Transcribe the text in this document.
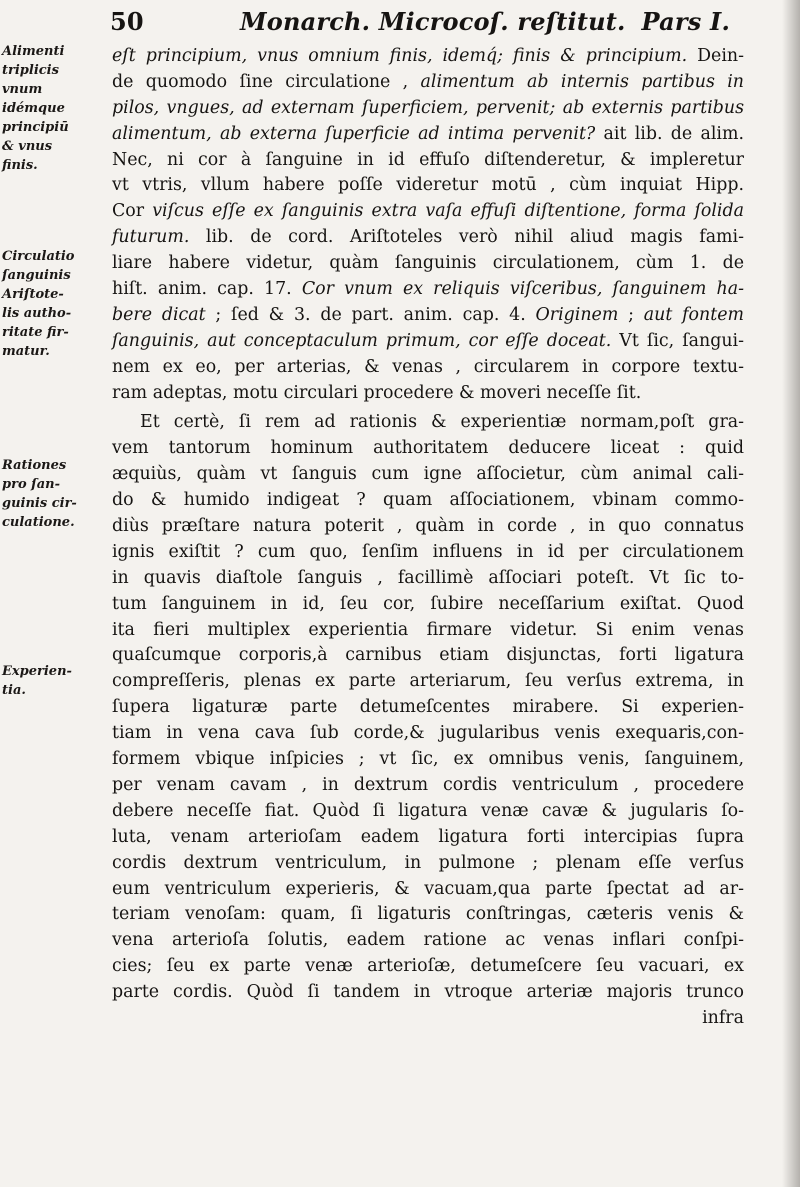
50	Monarch. Microcoſ. reſtitut. Pars I.
Alimenti
triplicis
vnum
idémque
principiū
& vnus
finis.
Circulatio
ſanguinis
Ariſtote-
lis autho-
ritate fir-
matur.
Rationes
pro ſan-
guinis cir-
culatione.
Experien-
tia.
eſt principium, vnus omnium finis, idemq́; finis & principium. Dein-
de quomodo ſine circulatione , alimentum ab internis partibus in
pilos, vngues, ad externam ſuperficiem, pervenit; ab externis partibus
alimentum, ab externa ſuperficie ad intima pervenit? ait lib. de alim.
Nec, ni cor à ſanguine in id effuſo diſtenderetur, & impleretur
vt vtris, vllum habere poſſe videretur motū , cùm inquiat Hipp.
Cor viſcus eſſe ex ſanguinis extra vaſa effuſi diſtentione, forma ſolida
futurum. lib. de cord. Ariſtoteles verò nihil aliud magis fami-
liare habere videtur, quàm ſanguinis circulationem, cùm 1. de
hiſt. anim. cap. 17. Cor vnum ex reliquis viſceribus, ſanguinem ha-
bere dicat ; ſed & 3. de part. anim. cap. 4. Originem ; aut fontem
ſanguinis, aut conceptaculum primum, cor eſſe doceat. Vt ſic, ſangui-
nem ex eo, per arterias, & venas , circularem in corpore textu-
ram adeptas, motu circulari procedere & moveri neceſſe ſit.
Et certè, ſi rem ad rationis & experientiæ normam,poſt gra-
vem tantorum hominum authoritatem deducere liceat : quid
æquiùs, quàm vt ſanguis cum igne aſſocietur, cùm animal cali-
do & humido indigeat ? quam aſſociationem, vbinam commo-
diùs præſtare natura poterit , quàm in corde , in quo connatus
ignis exiſtit ? cum quo, ſenſim influens in id per circulationem
in quavis diaſtole ſanguis , facillimè aſſociari poteſt. Vt ſic to-
tum ſanguinem in id, ſeu cor, ſubire neceſſarium exiſtat. Quod
ita fieri multiplex experientia firmare videtur. Si enim venas
quaſcumque corporis,à carnibus etiam disjunctas, forti ligatura
compreſſeris, plenas ex parte arteriarum, ſeu verſus extrema, in
ſupera ligaturæ parte detumeſcentes mirabere. Si experien-
tiam in vena cava ſub corde,& jugularibus venis exequaris,con-
formem vbique inſpicies ; vt ſic, ex omnibus venis, ſanguinem,
per venam cavam , in dextrum cordis ventriculum , procedere
debere neceſſe fiat. Quòd ſi ligatura venæ cavæ & jugularis ſo-
luta, venam arterioſam eadem ligatura forti intercipias ſupra
cordis dextrum ventriculum, in pulmone ; plenam eſſe verſus
eum ventriculum experieris, & vacuam,qua parte ſpectat ad ar-
teriam venoſam: quam, ſi ligaturis conſtringas, cæteris venis &
vena arterioſa ſolutis, eadem ratione ac venas inflari conſpi-
cies; ſeu ex parte venæ arterioſæ, detumeſcere ſeu vacuari, ex
parte cordis. Quòd ſi tandem in vtroque arteriæ majoris trunco
infra
